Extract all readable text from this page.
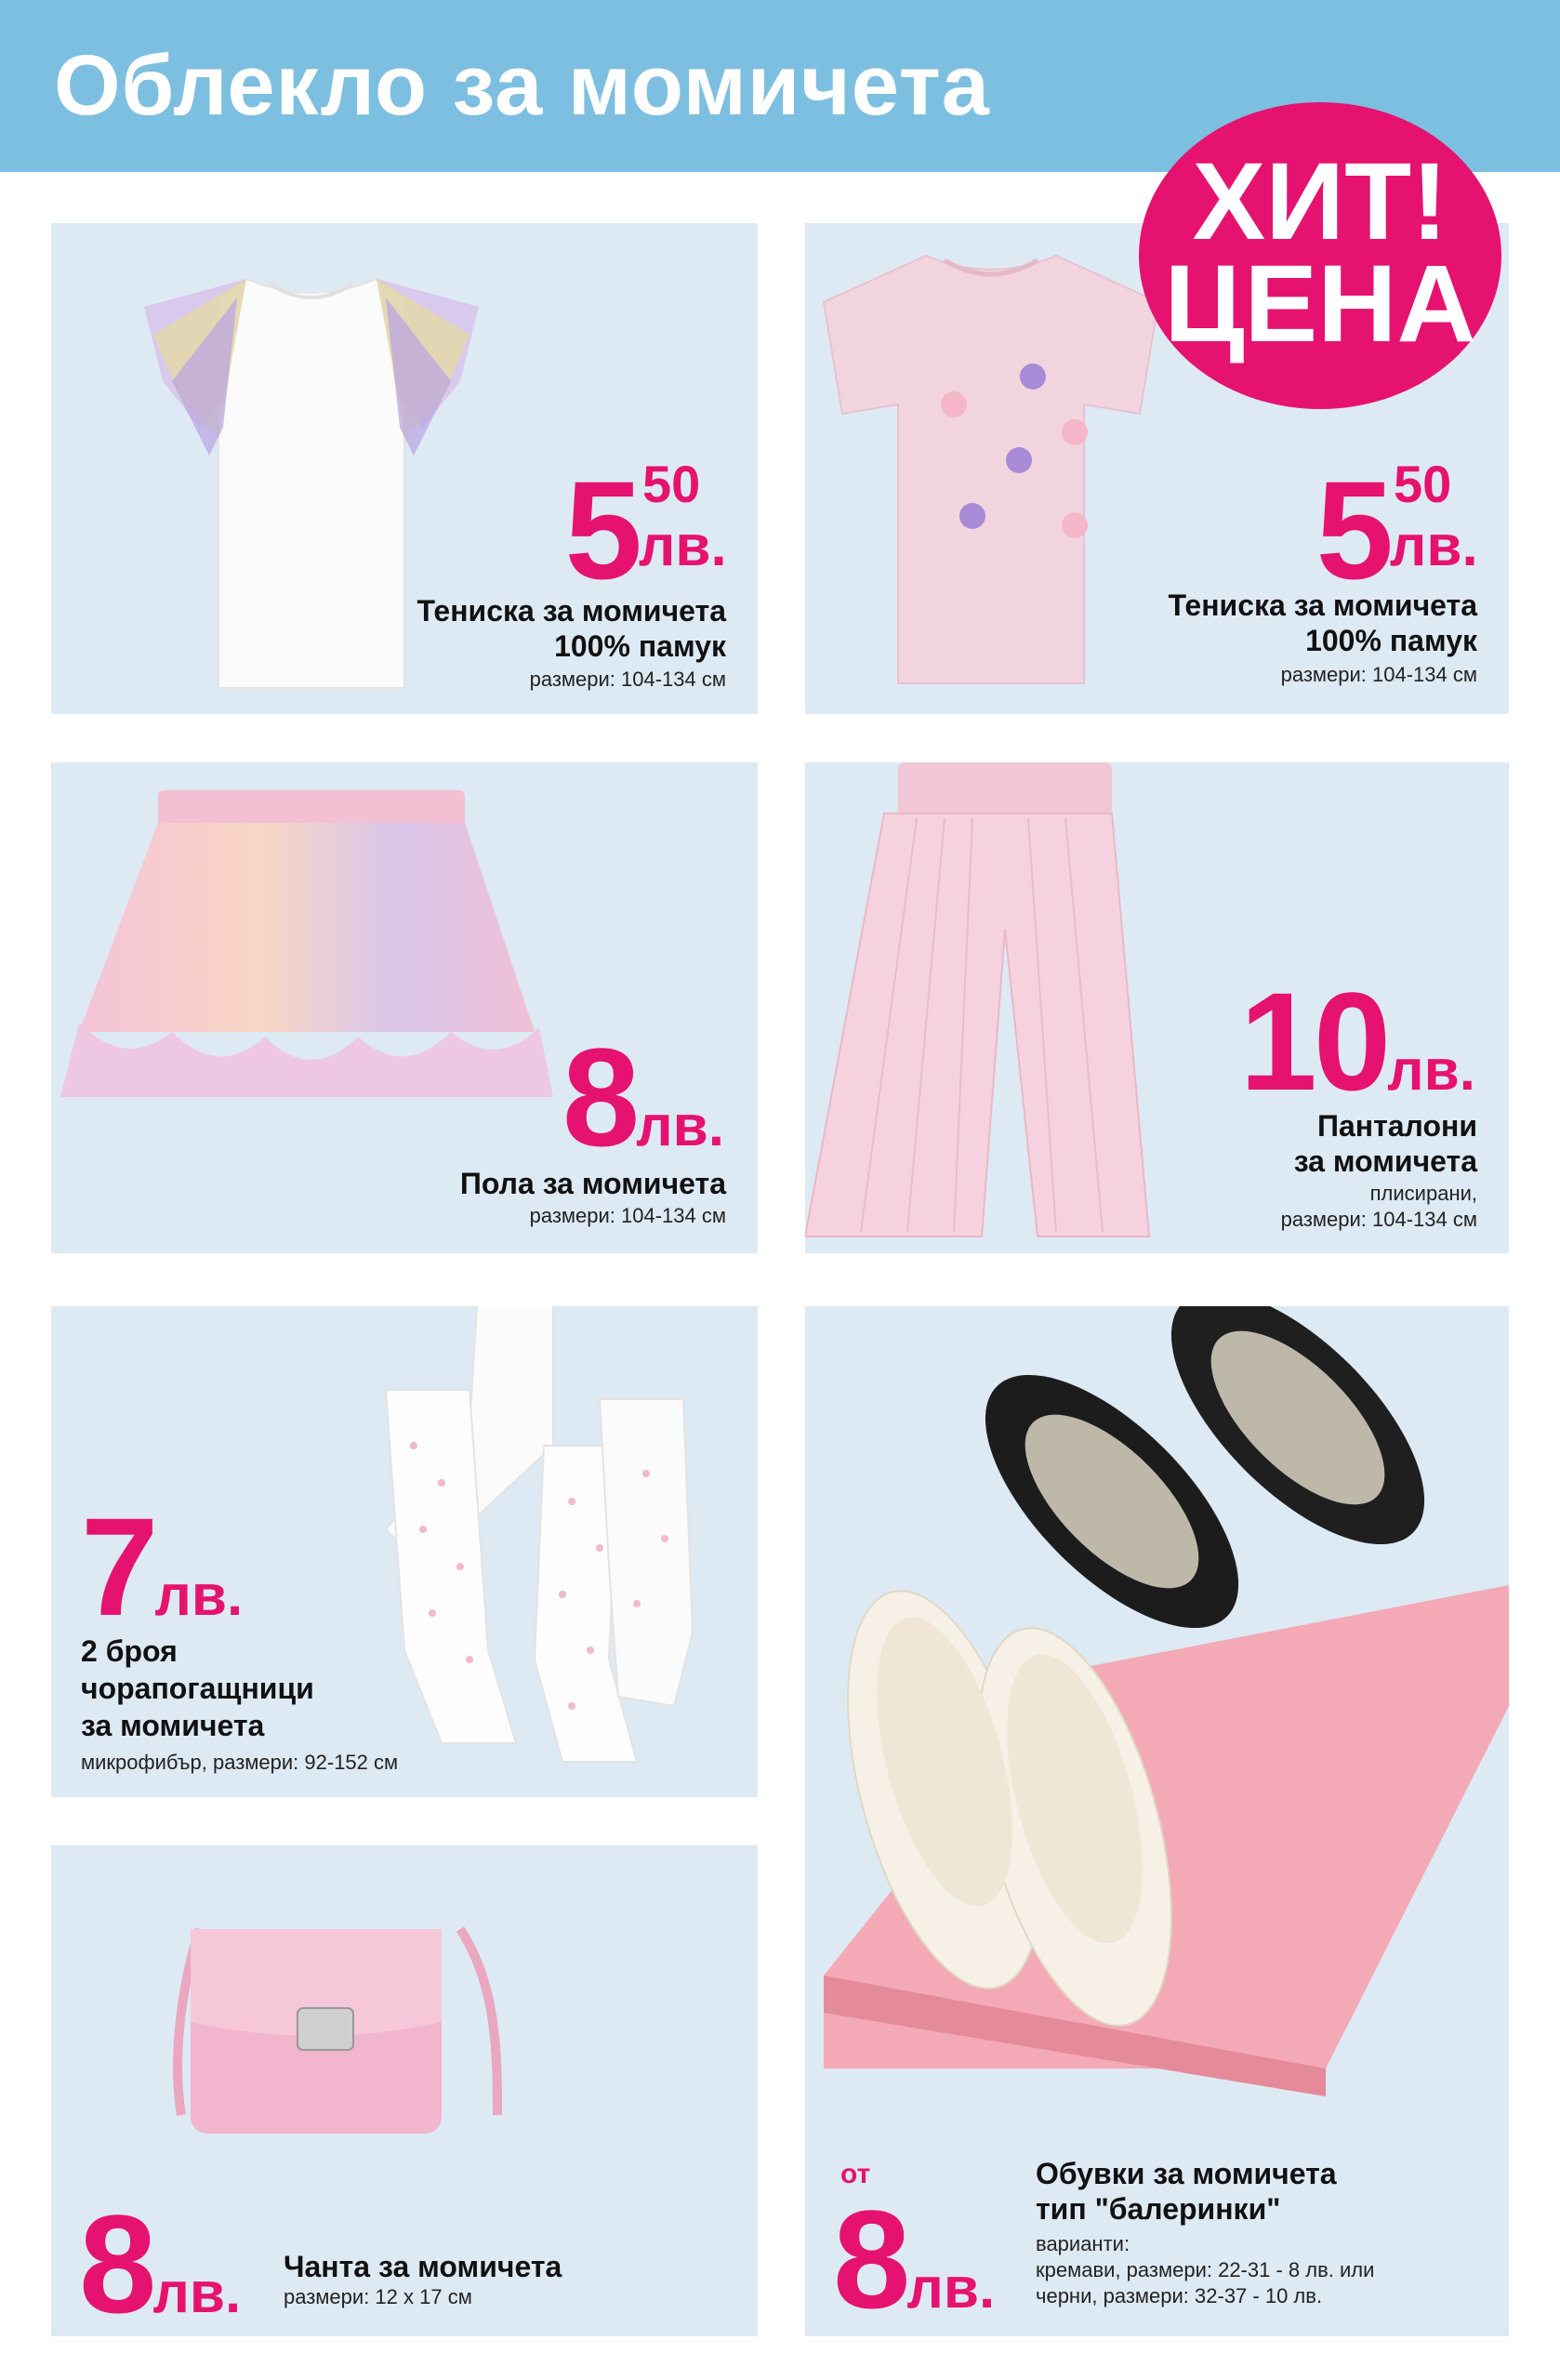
Облекло за момичета
5 50
лв.
Тениска за момичета
100% памук
размери: 104-134 см
5 50
лв.
Тениска за момичета
100% памук
размери: 104-134 см
ХИТ!
ЦЕНА
8лв.
Пола за момичета
размери: 104-134 см
10лв.
Панталони
за момичета
плисирани,
размери: 104-134 см
7лв.
2 броя
чорапогащници
за момичета
микрофибър, размери: 92-152 см
от
8лв.
Обувки за момичета
тип "балеринки"
варианти:
кремави, размери: 22-31 - 8 лв. или
черни, размери: 32-37 - 10 лв.
8лв. Чанта за момичета
размери: 12 х 17 см
